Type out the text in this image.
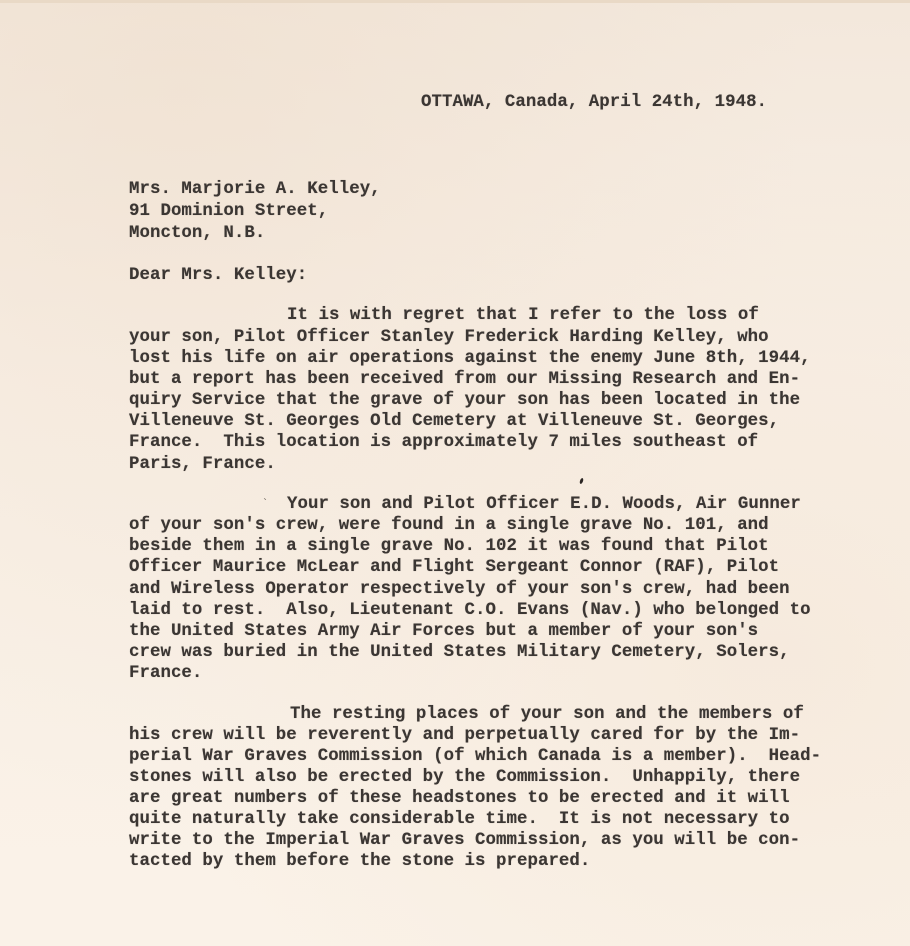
OTTAWA, Canada, April 24th, 1948.
Mrs. Marjorie A. Kelley,
91 Dominion Street,
Moncton, N.B.
Dear Mrs. Kelley:
It is with regret that I refer to the loss of
your son, Pilot Officer Stanley Frederick Harding Kelley, who
lost his life on air operations against the enemy June 8th, 1944,
but a report has been received from our Missing Research and En-
quiry Service that the grave of your son has been located in the
Villeneuve St. Georges Old Cemetery at Villeneuve St. Georges,
France.  This location is approximately 7 miles southeast of
Paris, France.
` Your son and Pilot Officer E.D. Woods, Air Gunner
of your son's crew, were found in a single grave No. 101, and
beside them in a single grave No. 102 it was found that Pilot
Officer Maurice McLear and Flight Sergeant Connor (RAF), Pilot
and Wireless Operator respectively of your son's crew, had been
laid to rest.  Also, Lieutenant C.O. Evans (Nav.) who belonged to
the United States Army Air Forces but a member of your son's
crew was buried in the United States Military Cemetery, Solers,
France.
The resting places of your son and the members of
his crew will be reverently and perpetually cared for by the Im-
perial War Graves Commission (of which Canada is a member).  Head-
stones will also be erected by the Commission.  Unhappily, there
are great numbers of these headstones to be erected and it will
quite naturally take considerable time.  It is not necessary to
write to the Imperial War Graves Commission, as you will be con-
tacted by them before the stone is prepared.
